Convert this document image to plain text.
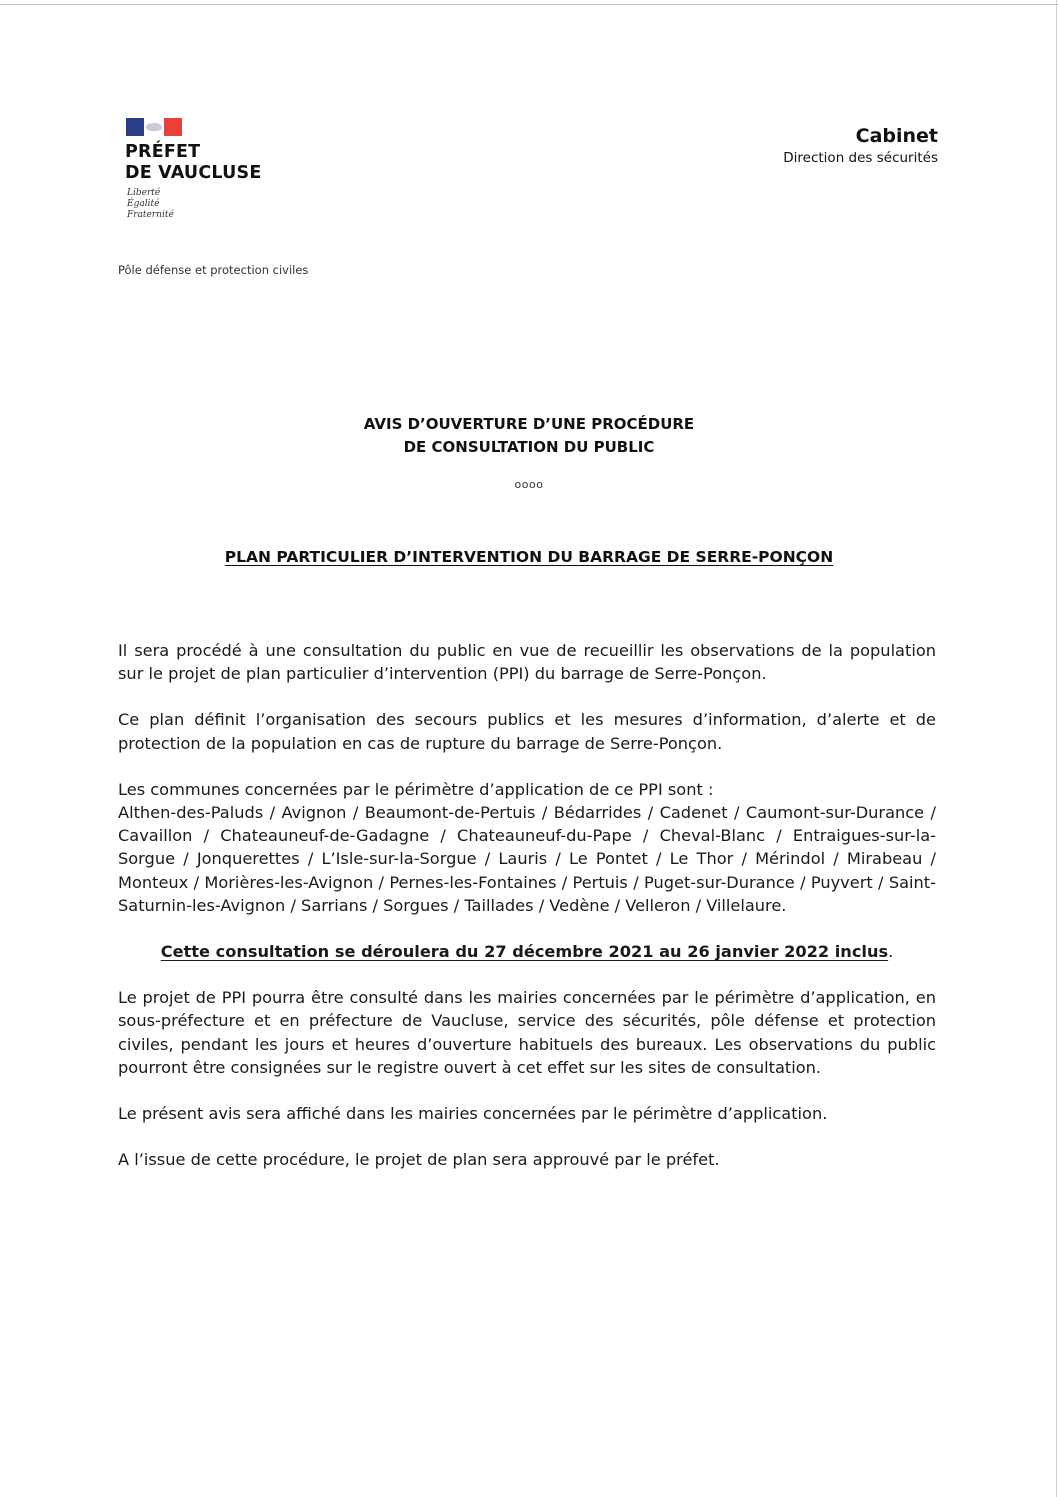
PRÉFET
DE VAUCLUSE
Liberté
Égalité
Fraternité
Cabinet
Direction des sécurités
Pôle défense et protection civiles
AVIS D’OUVERTURE D’UNE PROCÉDURE
DE CONSULTATION DU PUBLIC
oooo
PLAN PARTICULIER D’INTERVENTION DU BARRAGE DE SERRE-PONÇON

Il sera procédé à une consultation du public en vue de recueillir les observations de la population sur le projet de plan particulier d’intervention (PPI) du barrage de Serre-Ponçon.

Ce plan définit l’organisation des secours publics et les mesures d’information, d’alerte et de protection de la population en cas de rupture du barrage de Serre-Ponçon.

Les communes concernées par le périmètre d’application de ce PPI sont :
Althen-des-Paluds / Avignon / Beaumont-de-Pertuis / Bédarrides / Cadenet / Caumont-sur-Durance / Cavaillon / Chateauneuf-de-Gadagne / Chateauneuf-du-Pape / Cheval-Blanc / Entraigues-sur-la-Sorgue / Jonquerettes / L’Isle-sur-la-Sorgue / Lauris / Le Pontet / Le Thor / Mérindol / Mirabeau / Monteux / Morières-les-Avignon / Pernes-les-Fontaines / Pertuis / Puget-sur-Durance / Puyvert / Saint-Saturnin-les-Avignon / Sarrians / Sorgues / Taillades / Vedène / Velleron / Villelaure.

Cette consultation se déroulera du 27 décembre 2021 au 26 janvier 2022 inclus.

Le projet de PPI pourra être consulté dans les mairies concernées par le périmètre d’application, en sous-préfecture et en préfecture de Vaucluse, service des sécurités, pôle défense et protection civiles, pendant les jours et heures d’ouverture habituels des bureaux. Les observations du public pourront être consignées sur le registre ouvert à cet effet sur les sites de consultation.

Le présent avis sera affiché dans les mairies concernées par le périmètre d’application.

A l’issue de cette procédure, le projet de plan sera approuvé par le préfet.
